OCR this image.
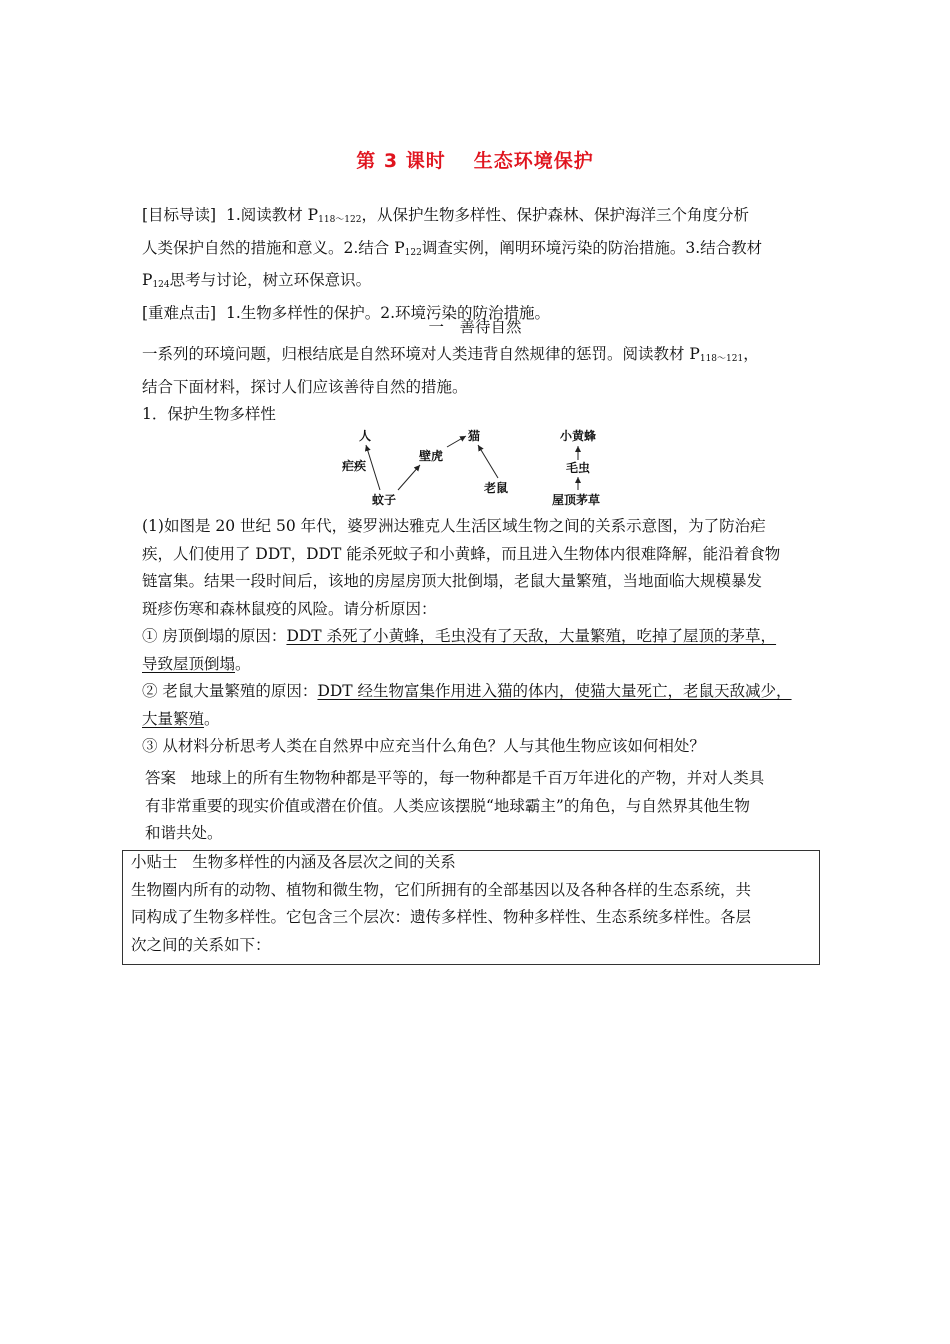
第 3 课时 生态环境保护
[目标导读] 1.阅读教材 $P_{118\sim 122}$，从保护生物多样性、保护森林、保护海洋三个角度分析
人类保护自然的措施和意义。2.结合 $P_{122}$调查实例，阐明环境污染的防治措施。3.结合教材
$P_{124}$思考与讨论，树立环保意识。
[重难点击] 1.生物多样性的保护。2.环境污染的防治措施。
一　善待自然
一系列的环境问题，归根结底是自然环境对人类违背自然规律的惩罚。阅读教材 $P_{118\sim 121}$，
结合下面材料，探讨人们应该善待自然的措施。
1．保护生物多样性
人
疟疾
壁虎
猫
蚊子
老鼠
小黄蜂
毛虫
屋顶茅草
(1)如图是 20 世纪 50 年代，婆罗洲达雅克人生活区域生物之间的关系示意图，为了防治疟
疾，人们使用了 DDT，DDT 能杀死蚊子和小黄蜂，而且进入生物体内很难降解，能沿着食物
链富集。结果一段时间后，该地的房屋房顶大批倒塌，老鼠大量繁殖，当地面临大规模暴发
斑疹伤寒和森林鼠疫的风险。请分析原因：
① 房顶倒塌的原因：DDT 杀死了小黄蜂，毛虫没有了天敌，大量繁殖，吃掉了屋顶的茅草，
导致屋顶倒塌。
② 老鼠大量繁殖的原因：DDT 经生物富集作用进入猫的体内，使猫大量死亡，老鼠天敌减少，
大量繁殖。
③ 从材料分析思考人类在自然界中应充当什么角色？人与其他生物应该如何相处？
答案 地球上的所有生物物种都是平等的，每一物种都是千百万年进化的产物，并对人类具
有非常重要的现实价值或潜在价值。人类应该摆脱“地球霸主”的角色，与自然界其他生物
和谐共处。
小贴士 生物多样性的内涵及各层次之间的关系
生物圈内所有的动物、植物和微生物，它们所拥有的全部基因以及各种各样的生态系统，共
同构成了生物多样性。它包含三个层次：遗传多样性、物种多样性、生态系统多样性。各层
次之间的关系如下：
